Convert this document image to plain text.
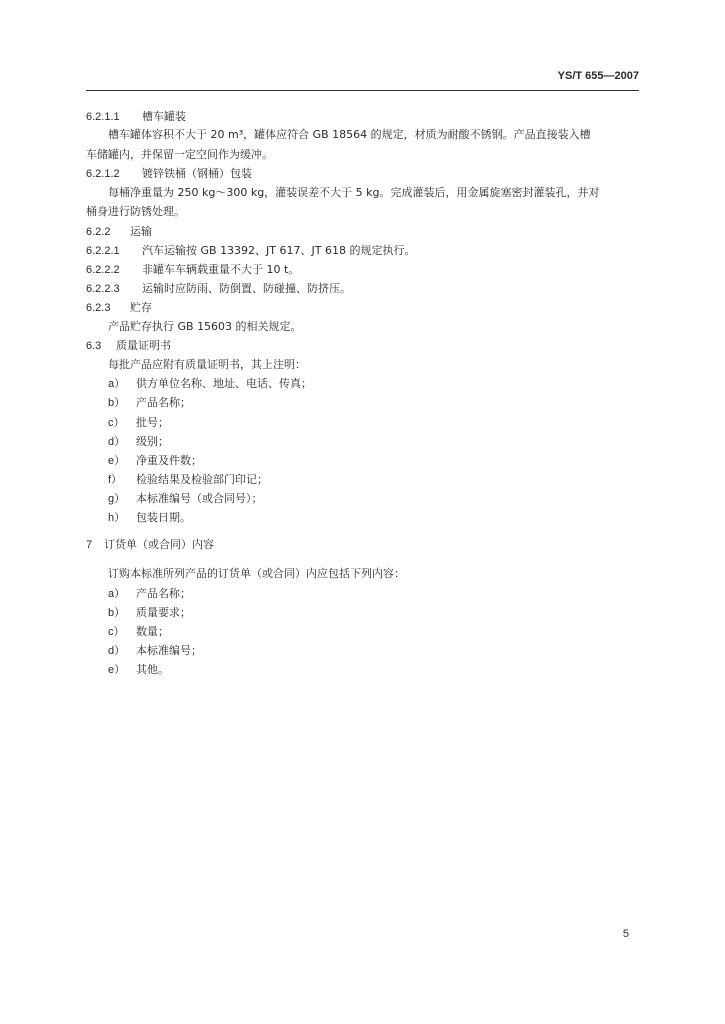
YS/T 655—2007
6.2.1.1 槽车罐装
槽车罐体容积不大于 20 m³，罐体应符合 GB 18564 的规定，材质为耐酸不锈钢。产品直接装入槽
车储罐内，并保留一定空间作为缓冲。
6.2.1.2 镀锌铁桶（钢桶）包装
每桶净重量为 250 kg～300 kg，灌装误差不大于 5 kg。完成灌装后，用金属旋塞密封灌装孔，并对
桶身进行防锈处理。
6.2.2 运输
6.2.2.1 汽车运输按 GB 13392、JT 617、JT 618 的规定执行。
6.2.2.2 非罐车车辆载重量不大于 10 t。
6.2.2.3 运输时应防雨、防倒置、防碰撞、防挤压。
6.2.3 贮存
产品贮存执行 GB 15603 的相关规定。
6.3 质量证明书
每批产品应附有质量证明书，其上注明：
a） 供方单位名称、地址、电话、传真；
b） 产品名称；
c） 批号；
d） 级别；
e） 净重及件数；
f） 检验结果及检验部门印记；
g） 本标准编号（或合同号）；
h） 包装日期。
7 订货单（或合同）内容
订购本标准所列产品的订货单（或合同）内应包括下列内容：
a） 产品名称；
b） 质量要求；
c） 数量；
d） 本标准编号；
e） 其他。
5
